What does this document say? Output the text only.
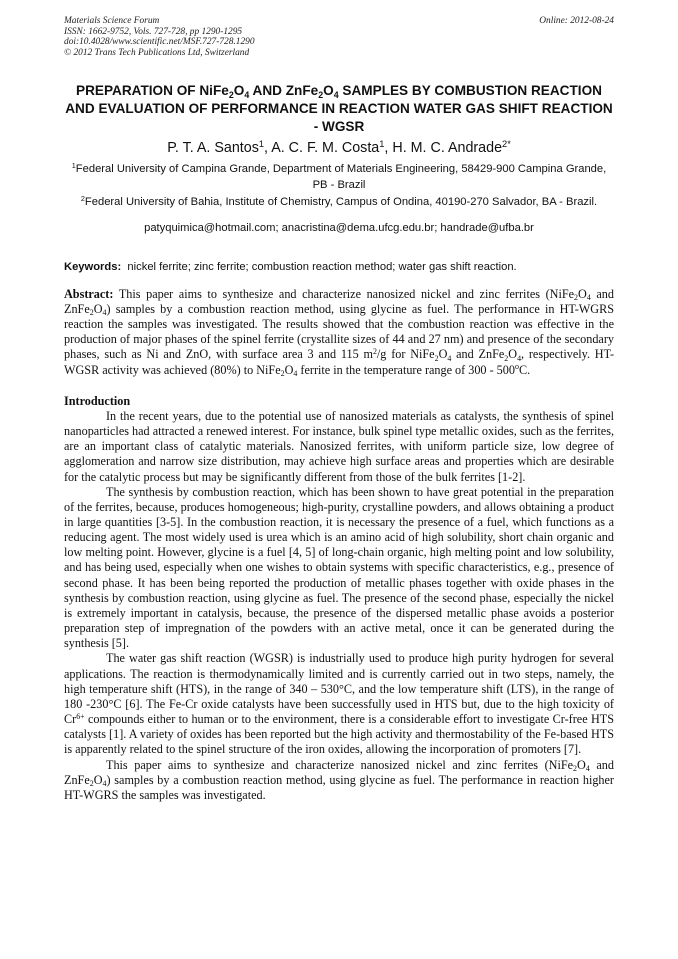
Materials Science Forum
ISSN: 1662-9752, Vols. 727-728, pp 1290-1295
doi:10.4028/www.scientific.net/MSF.727-728.1290
© 2012 Trans Tech Publications Ltd, Switzerland
Online: 2012-08-24
PREPARATION OF $NiFe_2O_4$ AND $ZnFe_2O_4$ SAMPLES BY COMBUSTION REACTION AND EVALUATION OF PERFORMANCE IN REACTION WATER GAS SHIFT REACTION - WGSR
P. T. A. Santos$^1$, A. C. F. M. Costa$^1$, H. M. C. Andrade$^{2*}$
$^1$Federal University of Campina Grande, Department of Materials Engineering, 58429-900 Campina Grande, PB - Brazil
$^2$Federal University of Bahia, Institute of Chemistry, Campus of Ondina, 40190-270 Salvador, BA - Brazil.
patyquimica@hotmail.com; anacristina@dema.ufcg.edu.br; handrade@ufba.br
Keywords: nickel ferrite; zinc ferrite; combustion reaction method; water gas shift reaction.
Abstract: This paper aims to synthesize and characterize nanosized nickel and zinc ferrites ($NiFe_2O_4$ and $ZnFe_2O_4$) samples by a combustion reaction method, using glycine as fuel. The performance in HT-WGRS reaction the samples was investigated. The results showed that the combustion reaction was effective in the production of major phases of the spinel ferrite (crystallite sizes of 44 and 27 nm) and presence of the secondary phases, such as Ni and ZnO, with surface area 3 and 115 $m^2/g$ for $NiFe_2O_4$ and $ZnFe_2O_4$, respectively. HT- WGSR activity was achieved (80%) to $NiFe_2O_4$ ferrite in the temperature range of 300 - 500$^o$C.
Introduction

In the recent years, due to the potential use of nanosized materials as catalysts, the synthesis of spinel nanoparticles had attracted a renewed interest. For instance, bulk spinel type metallic oxides, such as the ferrites, are an important class of catalytic materials. Nanosized ferrites, with uniform particle size, low degree of agglomeration and narrow size distribution, may achieve high surface areas and properties which are desirable for the catalytic process but may be significantly different from those of the bulk ferrites [1-2].

The synthesis by combustion reaction, which has been shown to have great potential in the preparation of the ferrites, because, produces homogeneous; high-purity, crystalline powders, and allows obtaining a product in large quantities [3-5]. In the combustion reaction, it is necessary the presence of a fuel, which functions as a reducing agent. The most widely used is urea which is an amino acid of high solubility, short chain organic and low melting point. However, glycine is a fuel [4, 5] of long-chain organic, high melting point and low solubility, and has being used, especially when one wishes to obtain systems with specific characteristics, e.g., presence of second phase. It has been being reported the production of metallic phases together with oxide phases in the synthesis by combustion reaction, using glycine as fuel. The presence of the second phase, especially the nickel is extremely important in catalysis, because, the presence of the dispersed metallic phase avoids a posterior preparation step of impregnation of the powders with an active metal, once it can be generated during the synthesis [5].

The water gas shift reaction (WGSR) is industrially used to produce high purity hydrogen for several applications. The reaction is thermodynamically limited and is currently carried out in two steps, namely, the high temperature shift (HTS), in the range of 340 – 530°C, and the low temperature shift (LTS), in the range of 180 -230°C [6]. The Fe-Cr oxide catalysts have been successfully used in HTS but, due to the high toxicity of $Cr^{6+}$ compounds either to human or to the environment, there is a considerable effort to investigate Cr-free HTS catalysts [1]. A variety of oxides has been reported but the high activity and thermostability of the Fe-based HTS is apparently related to the spinel structure of the iron oxides, allowing the incorporation of promoters [7].

This paper aims to synthesize and characterize nanosized nickel and zinc ferrites ($NiFe_2O_4$ and $ZnFe_2O_4$) samples by a combustion reaction method, using glycine as fuel. The performance in reaction higher HT-WGRS the samples was investigated.
